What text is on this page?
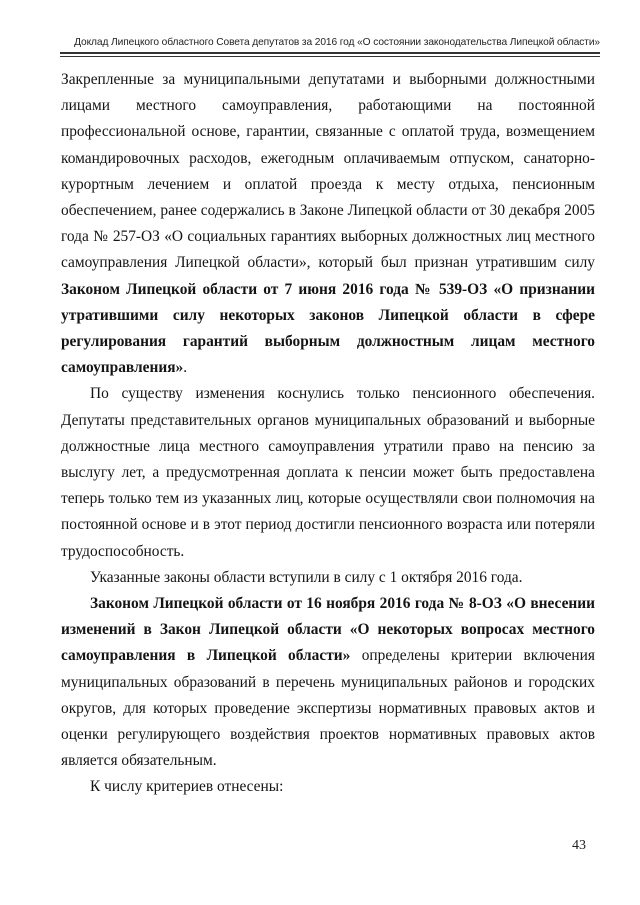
Доклад Липецкого областного Совета депутатов за 2016 год «О состоянии законодательства Липецкой области»

Закрепленные за муниципальными депутатами и выборными должностными лицами местного самоуправления, работающими на постоянной профессиональной основе, гарантии, связанные с оплатой труда, возмещением командировочных расходов, ежегодным оплачиваемым отпуском, санаторно-курортным лечением и оплатой проезда к месту отдыха, пенсионным обеспечением, ранее содержались в Законе Липецкой области от 30 декабря 2005 года № 257-ОЗ «О социальных гарантиях выборных должностных лиц местного самоуправления Липецкой области», который был признан утратившим силу Законом Липецкой области от 7 июня 2016 года № 539-ОЗ «О признании утратившими силу некоторых законов Липецкой области в сфере регулирования гарантий выборным должностным лицам местного самоуправления».

По существу изменения коснулись только пенсионного обеспечения. Депутаты представительных органов муниципальных образований и выборные должностные лица местного самоуправления утратили право на пенсию за выслугу лет, а предусмотренная доплата к пенсии может быть предоставлена теперь только тем из указанных лиц, которые осуществляли свои полномочия на постоянной основе и в этот период достигли пенсионного возраста или потеряли трудоспособность.

Указанные законы области вступили в силу с 1 октября 2016 года.

Законом Липецкой области от 16 ноября 2016 года № 8-ОЗ «О внесении изменений в Закон Липецкой области «О некоторых вопросах местного самоуправления в Липецкой области» определены критерии включения муниципальных образований в перечень муниципальных районов и городских округов, для которых проведение экспертизы нормативных правовых актов и оценки регулирующего воздействия проектов нормативных правовых актов является обязательным.

К числу критериев отнесены:

43
